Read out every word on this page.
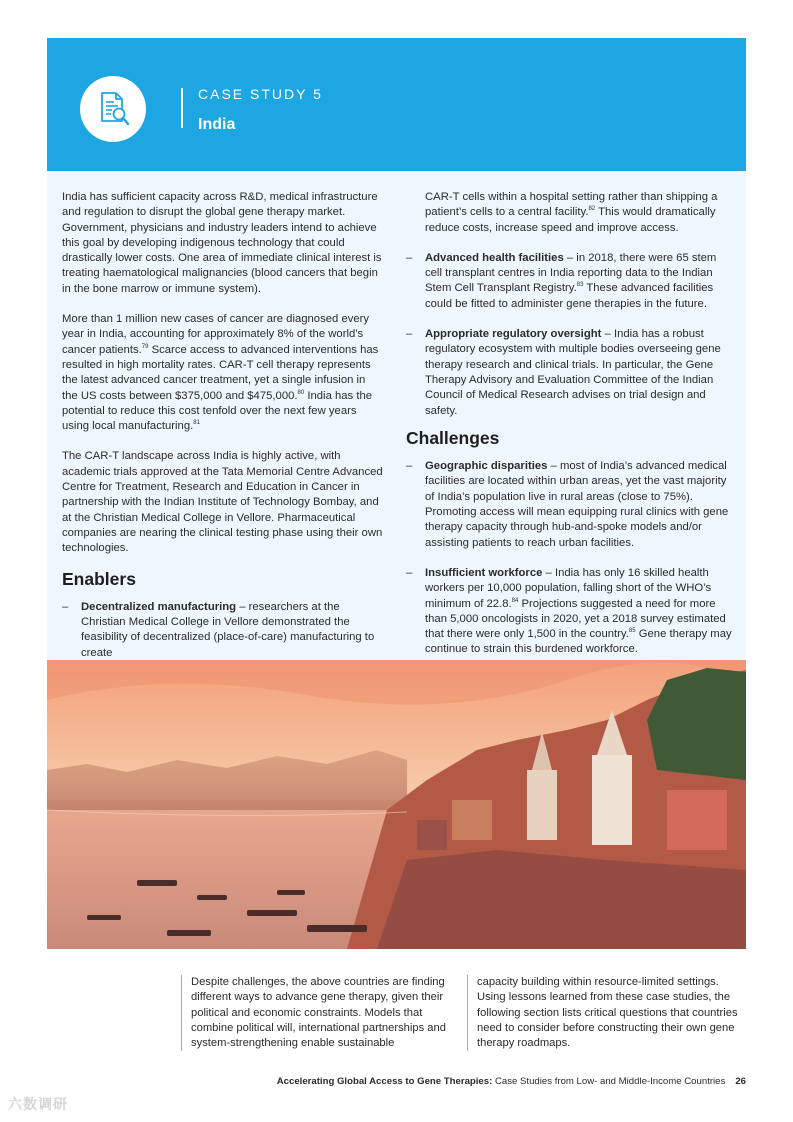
CASE STUDY 5
India

India has sufficient capacity across R&D, medical infrastructure and regulation to disrupt the global gene therapy market. Government, physicians and industry leaders intend to achieve this goal by developing indigenous technology that could drastically lower costs. One area of immediate clinical interest is treating haematological malignancies (blood cancers that begin in the bone marrow or immune system).

More than 1 million new cases of cancer are diagnosed every year in India, accounting for approximately 8% of the world’s cancer patients.$^{79}$ Scarce access to advanced interventions has resulted in high mortality rates. CAR-T cell therapy represents the latest advanced cancer treatment, yet a single infusion in the US costs between $375,000 and $475,000.80 India has the potential to reduce this cost tenfold over the next few years using local manufacturing.$^{81}$

The CAR-T landscape across India is highly active, with academic trials approved at the Tata Memorial Centre Advanced Centre for Treatment, Research and Education in Cancer in partnership with the Indian Institute of Technology Bombay, and at the Christian Medical College in Vellore. Pharmaceutical companies are nearing the clinical testing phase using their own technologies.

Enablers
– Decentralized manufacturing – researchers at the Christian Medical College in Vellore demonstrated the feasibility of decentralized (place-of-care) manufacturing to create

CAR-T cells within a hospital setting rather than shipping a patient’s cells to a central facility.$^{82}$ This would dramatically reduce costs, increase speed and improve access.

– Advanced health facilities – in 2018, there were 65 stem cell transplant centres in India reporting data to the Indian Stem Cell Transplant Registry.$^{83}$ These advanced facilities could be fitted to administer gene therapies in the future.
– Appropriate regulatory oversight – India has a robust regulatory ecosystem with multiple bodies overseeing gene therapy research and clinical trials. In particular, the Gene Therapy Advisory and Evaluation Committee of the Indian Council of Medical Research advises on trial design and safety.
Challenges
– Geographic disparities – most of India’s advanced medical facilities are located within urban areas, yet the vast majority of India’s population live in rural areas (close to 75%). Promoting access will mean equipping rural clinics with gene therapy capacity through hub-and-spoke models and/or assisting patients to reach urban facilities.
– Insufficient workforce – India has only 16 skilled health workers per 10,000 population, falling short of the WHO’s minimum of 22.8.84 Projections suggested a need for more than 5,000 oncologists in 2020, yet a 2018 survey estimated that there were only 1,500 in the country.$^{85}$ Gene therapy may continue to strain this burdened workforce.
Despite challenges, the above countries are finding different ways to advance gene therapy, given their political and economic constraints. Models that combine political will, international partnerships and system-strengthening enable sustainable
capacity building within resource-limited settings. Using lessons learned from these case studies, the following section lists critical questions that countries need to consider before constructing their own gene therapy roadmaps.
Accelerating Global Access to Gene Therapies: Case Studies from Low- and Middle-Income Countries 26
六数调研
